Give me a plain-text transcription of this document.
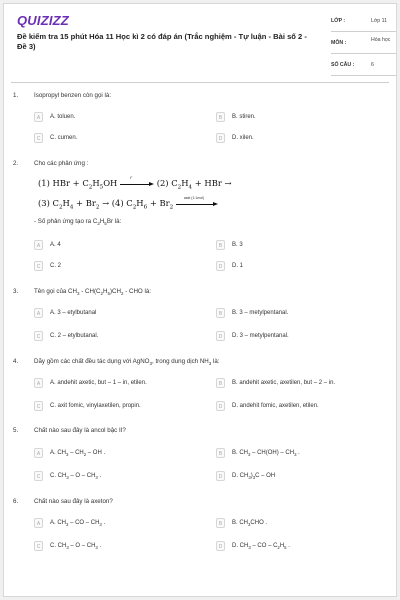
QUIZIZZ
Đề kiểm tra 15 phút Hóa 11 Học kì 2 có đáp án (Trắc nghiệm - Tự luận - Bài số 2 - Đề 3)
LỚP :	Lớp 11
MÔN :	Hóa học
SỐ CÂU :	6
1.	Isopropyl benzen còn gọi là:
A	A. toluen.	B	B. stiren.
C	C. cumen.	D	D. xilen.
2.	Cho các phản ứng :
(1) HBr + $C_2H_5OH$
t°
(2) $C_2H_4$ + HBr →
(3) $C_2H_4 + Br_2 \to (4) C_2H_6 + Br_2$
askt (1:1mol)
- Số phản ứng tạo ra $C_2H_5Br$ là:
A	A. 4	B	B. 3
C	C. 2	D	D. 1
3.	Tên gọi của $CH_3 - CH(C_2H_5)CH_2$ - CHO là:
A	A. 3 – etylbutanal	B	B. 3 – metylpentanal.
C	C. 2 – etylbutanal.	D	D. 3 – metylpentanal.
4.	Dãy gồm các chất đều tác dụng với AgNO$_3$, trong dung dịch $NH_3$ là:
A	A. andehit axetic, but – 1 – in, etilen.	B	B. andehit axetic, axetilen, but – 2 – in.
C	C. axit fomic, vinylaxetilen, propin.	D	D. andehit fomic, axetilen, etilen.
5.	Chất nào sau đây là ancol bậc II?
A	A. $CH_3 - CH_2$ – OH .	B	B. $CH_3 - CH(OH) - CH_3$ .
C	C. $CH_3$ – O – $CH_3$ .	D	D. $CH_3)_3C$ – OH
6.	Chất nào sau đây là axeton?
A	A. $CH_3$ – CO – $CH_3$ .	B	B. $CH_3CHO$ .
C	C. $CH_3$ – O – $CH_3$ .	D	D. $CH_3$ – CO – $C_2H_5$ .
